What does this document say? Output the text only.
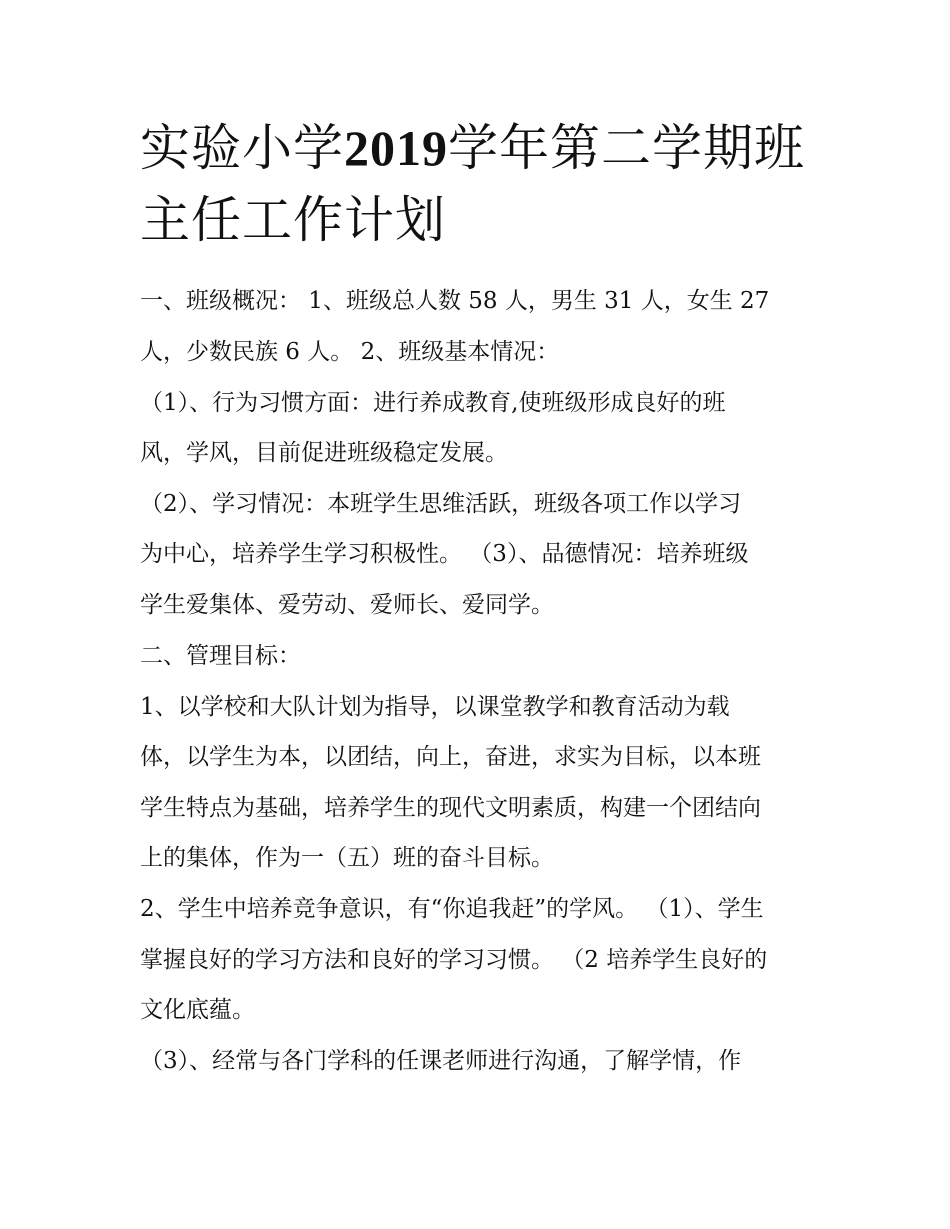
实验小学2019学年第二学期班
主任工作计划

一、班级概况： 1、班级总人数 58 人，男生 31 人，女生 27

人，少数民族 6 人。 2、班级基本情况：

（1）、行为习惯方面：进行养成教育,使班级形成良好的班

风，学风，目前促进班级稳定发展。

（2）、学习情况：本班学生思维活跃，班级各项工作以学习

为中心，培养学生学习积极性。 （3）、品德情况：培养班级

学生爱集体、爱劳动、爱师长、爱同学。

二、管理目标：

1、以学校和大队计划为指导，以课堂教学和教育活动为载

体，以学生为本，以团结，向上，奋进，求实为目标，以本班

学生特点为基础，培养学生的现代文明素质，构建一个团结向

上的集体，作为一（五）班的奋斗目标。

2、学生中培养竞争意识，有“你追我赶”的学风。 （1）、学生

掌握良好的学习方法和良好的学习习惯。 （2 培养学生良好的

文化底蕴。

（3）、经常与各门学科的任课老师进行沟通，了解学情，作
